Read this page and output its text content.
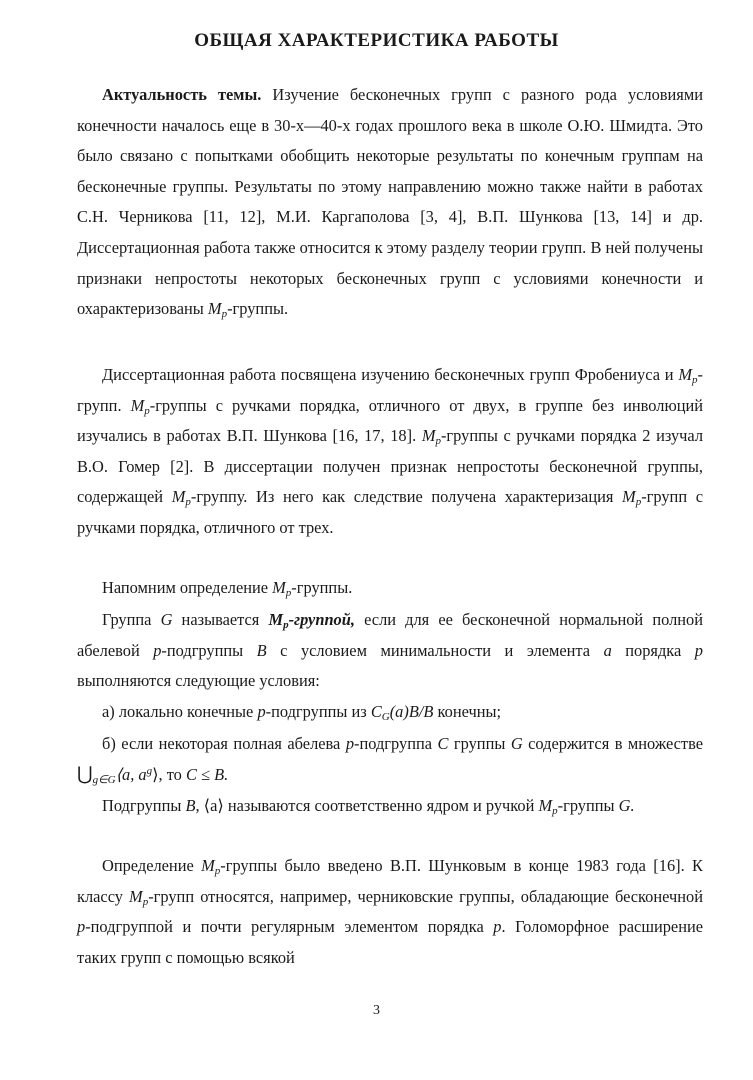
ОБЩАЯ ХАРАКТЕРИСТИКА РАБОТЫ

Актуальность темы. Изучение бесконечных групп с разного рода условиями конечности началось еще в 30-х—40-х годах прошлого века в школе О.Ю. Шмидта. Это было связано с попытками обобщить некоторые результаты по конечным группам на бесконечные группы. Результаты по этому направлению можно также найти в работах С.Н. Черникова [11, 12], М.И. Каргаполова [3, 4], В.П. Шункова [13, 14] и др. Диссертационная работа также относится к этому разделу теории групп. В ней получены признаки непростоты некоторых бесконечных групп с условиями конечности и охарактеризованы $M_p$-группы.

Диссертационная работа посвящена изучению бесконечных групп Фробениуса и $M_p$-групп. $M_p$-группы с ручками порядка, отличного от двух, в группе без инволюций изучались в работах В.П. Шункова [16, 17, 18]. $M_p$-группы с ручками порядка 2 изучал В.О. Гомер [2]. В диссертации получен признак непростоты бесконечной группы, содержащей $M_p$-группу. Из него как следствие получена характеризация $M_p$-групп с ручками порядка, отличного от трех.

Напомним определение $M_p$-группы.

Группа G называется $M_p$-группой, если для ее бесконечной нормальной полной абелевой p-подгруппы B с условием минимальности и элемента a порядка p выполняются следующие условия:

а) локально конечные p-подгруппы из $C_G(a)B/B$ конечны;

б) если некоторая полная абелева p-подгруппа C группы G содержится в множестве $⋃_{g\in G}⟨a$, $a^g⟩$, то C ≤ B.

Подгруппы B, ⟨a⟩ называются соответственно ядром и ручкой $M_p$-группы G.

Определение $M_p$-группы было введено В.П. Шунковым в конце 1983 года [16]. К классу $M_p$-групп относятся, например, черниковские группы, обладающие бесконечной p-подгруппой и почти регулярным элементом порядка p. Голоморфное расширение таких групп с помощью всякой

3
